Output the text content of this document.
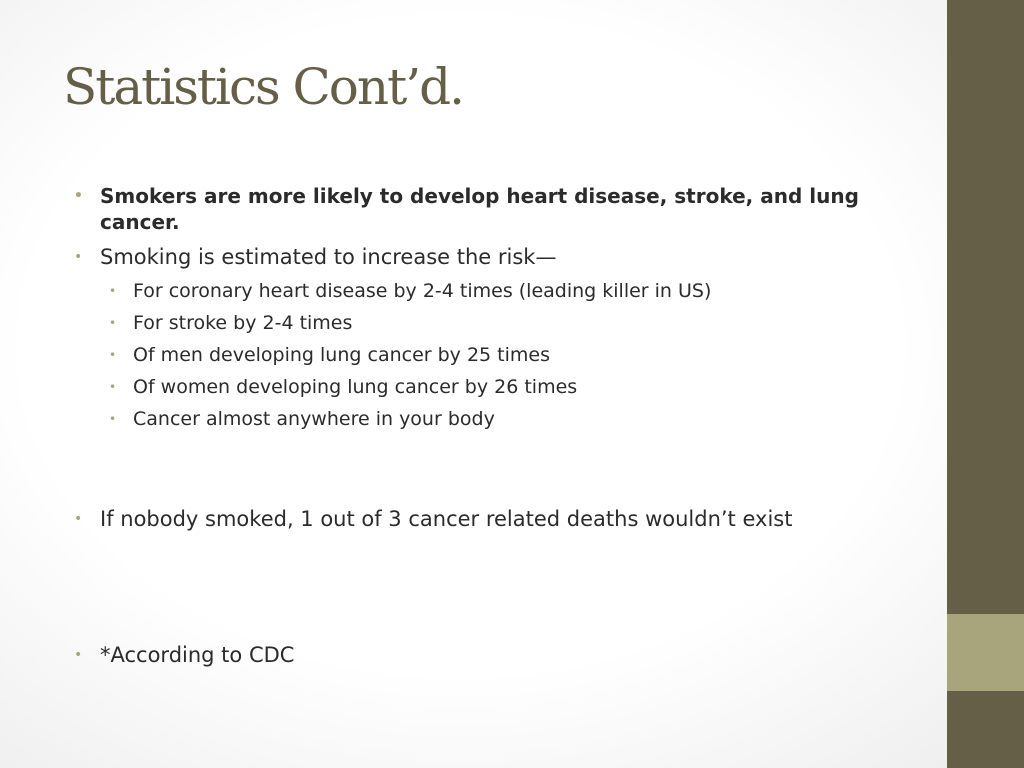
Statistics Cont’d.
• Smokers are more likely to develop heart disease, stroke, and lung cancer.
• Smoking is estimated to increase the risk—
• For coronary heart disease by 2-4 times (leading killer in US)
• For stroke by 2-4 times
• Of men developing lung cancer by 25 times
• Of women developing lung cancer by 26 times
• Cancer almost anywhere in your body
• If nobody smoked, 1 out of 3 cancer related deaths wouldn’t exist
• *According to CDC
